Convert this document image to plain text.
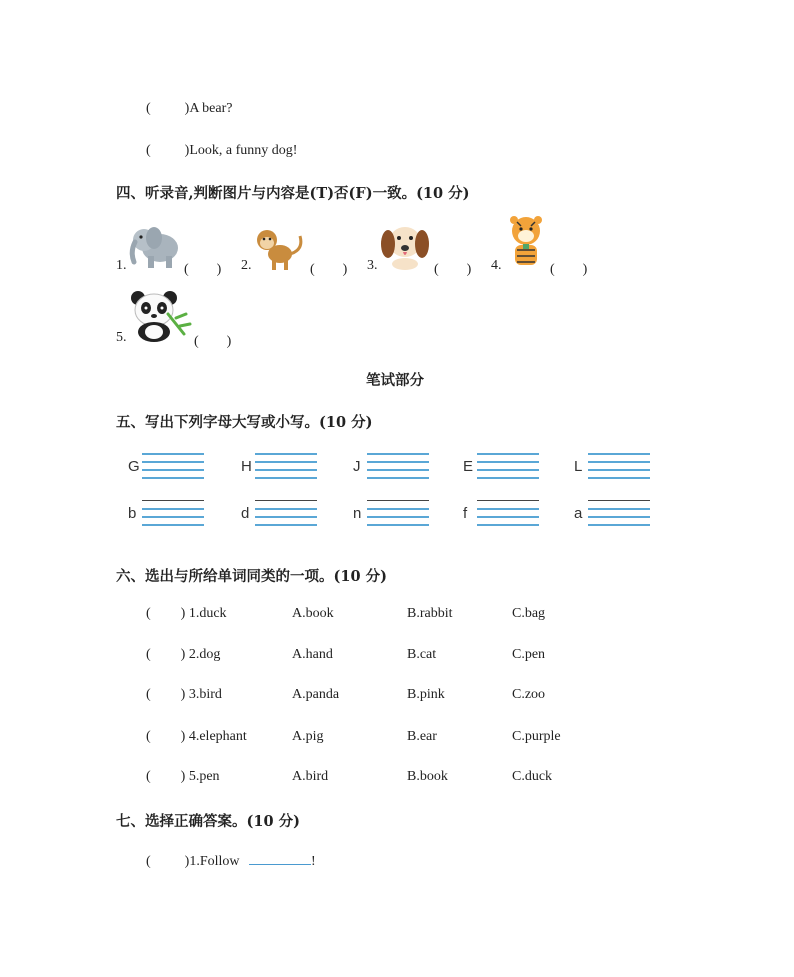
( )A bear?
( )Look, a funny dog!
四、听录音,判断图片与内容是(T)否(F)一致。(10 分)
1.	(　　) 2.	(　　) 3.	(　　) 4.	(　　)
5.	(　　)
笔试部分
五、写出下列字母大写或小写。(10 分)
G	H	J	E	L
b	d	n	f	a
六、选出与所给单词同类的一项。(10 分)
( ) 1.duck	A.book	B.rabbit	C.bag
( ) 2.dog	A.hand	B.cat	C.pen
( ) 3.bird	A.panda	B.pink	C.zoo
( ) 4.elephant	A.pig	B.ear	C.purple
( ) 5.pen	A.bird	B.book	C.duck
七、选择正确答案。(10 分)
( )1.Follow	!
